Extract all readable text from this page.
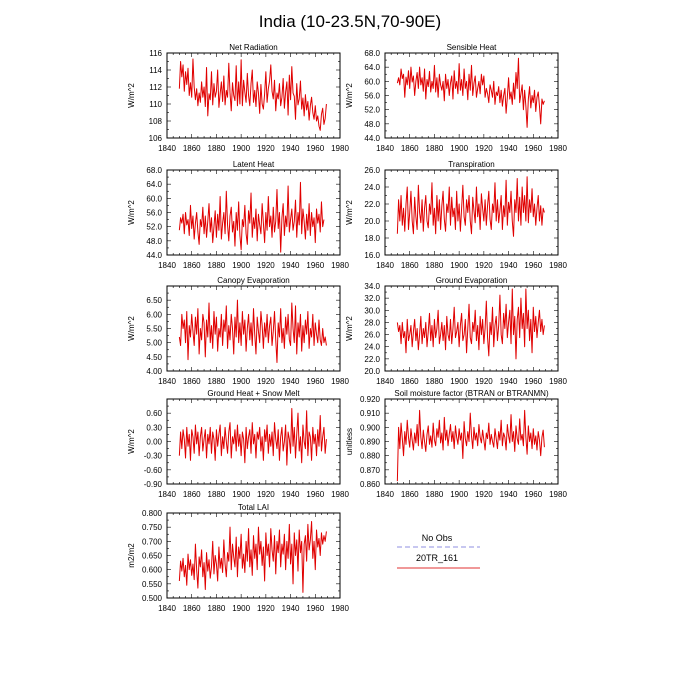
India (10-23.5N,70-90E)
1840 1860 1880 1900 1920 1940 1960 1980
106
108
110
112
114
116
Net Radiation
W/m^2
1840 1860 1880 1900 1920 1940 1960 1980
44.0
48.0
52.0
56.0
60.0
64.0
68.0
Sensible Heat
W/m^2
1840 1860 1880 1900 1920 1940 1960 1980
44.0
48.0
52.0
56.0
60.0
64.0
68.0
Latent Heat
W/m^2
1840 1860 1880 1900 1920 1940 1960 1980
16.0
18.0
20.0
22.0
24.0
26.0
Transpiration
W/m^2
1840 1860 1880 1900 1920 1940 1960 1980
4.00
4.50
5.00
5.50
6.00
6.50
Canopy Evaporation
W/m^2
1840 1860 1880 1900 1920 1940 1960 1980
20.0
22.0
24.0
26.0
28.0
30.0
32.0
34.0
Ground Evaporation
W/m^2
1840 1860 1880 1900 1920 1940 1960 1980
-0.90
-0.60
-0.30
0.00
0.30
0.60
Ground Heat + Snow Melt
W/m^2
1840 1860 1880 1900 1920 1940 1960 1980
0.860
0.870
0.880
0.890
0.900
0.910
0.920
Soil moisture factor (BTRAN or BTRANMN)
unitless
1840 1860 1880 1900 1920 1940 1960 1980
0.500
0.550
0.600
0.650
0.700
0.750
0.800
Total LAI
m2/m2
No Obs
20TR_161
